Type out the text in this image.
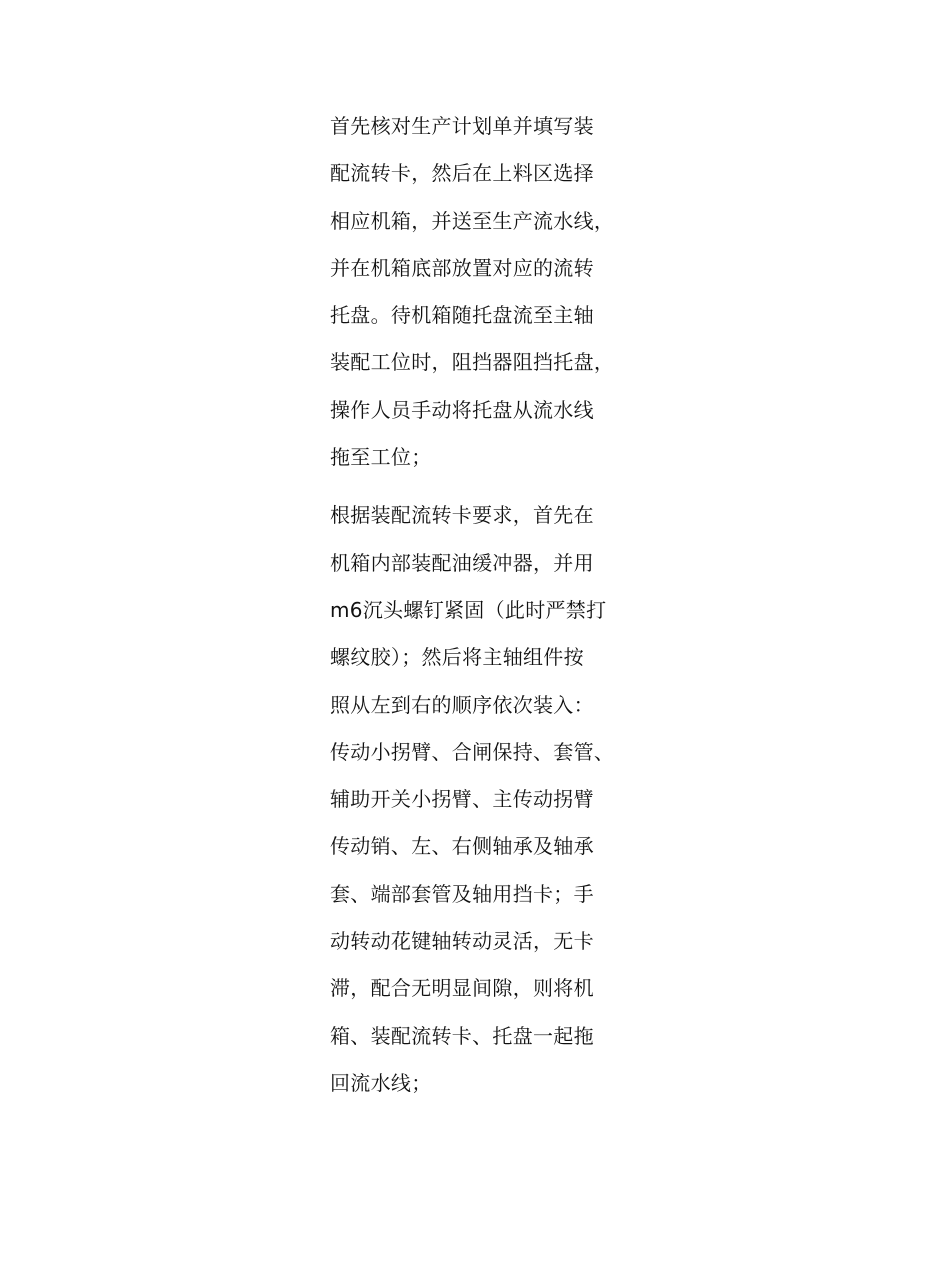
首先核对生产计划单并填写装
配流转卡，然后在上料区选择
相应机箱，并送至生产流水线，
并在机箱底部放置对应的流转
托盘。待机箱随托盘流至主轴
装配工位时，阻挡器阻挡托盘，
操作人员手动将托盘从流水线
拖至工位；

根据装配流转卡要求，首先在
机箱内部装配油缓冲器，并用
m6沉头螺钉紧固（此时严禁打
螺纹胶）；然后将主轴组件按
照从左到右的顺序依次装入：
传动小拐臂、合闸保持、套管、
辅助开关小拐臂、主传动拐臂
传动销、左、右侧轴承及轴承
套、端部套管及轴用挡卡；手
动转动花键轴转动灵活，无卡
滞，配合无明显间隙，则将机
箱、装配流转卡、托盘一起拖
回流水线；
